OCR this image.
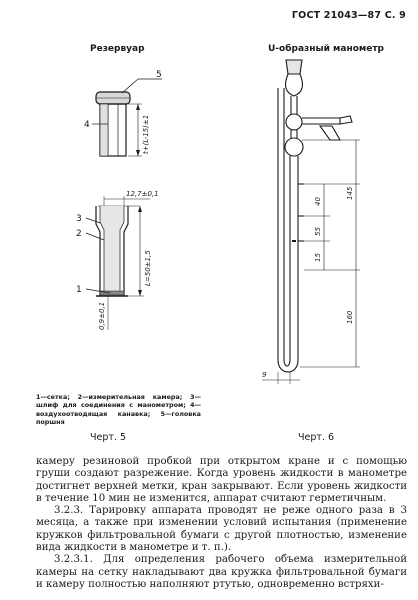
ГОСТ 21043—87 С. 9
Резервуар	U-образный манометр
5
4
3
2
1
t+(L-15)±1
12,7±0,1
L=50±1,5
0,9±0,1
40
55
15
145
160
9
1—сетка; 2—измерительная камера; 3—шлиф для соединения с манометром; 4—воздухоотводящая канавка; 5—головка поршня
Черт. 5	Черт. 6

камеру резиновой пробкой при открытом кране и с помощью груши создают разрежение. Когда уровень жидкости в манометре достигнет верхней метки, кран закрывают. Если уровень жидкости в течение 10 мин не изменится, аппарат считают герметичным.

3.2.3. Тарировку аппарата проводят не реже одного раза в 3 месяца, а также при изменении условий испытания (применение кружков фильтровальной бумаги с другой плотностью, изменение вида жидкости в манометре и т. п.).

3.2.3.1. Для определения рабочего объема измерительной камеры на сетку накладывают два кружка фильтровальной бумаги и камеру полностью наполняют ртутью, одновременно встряхи-
